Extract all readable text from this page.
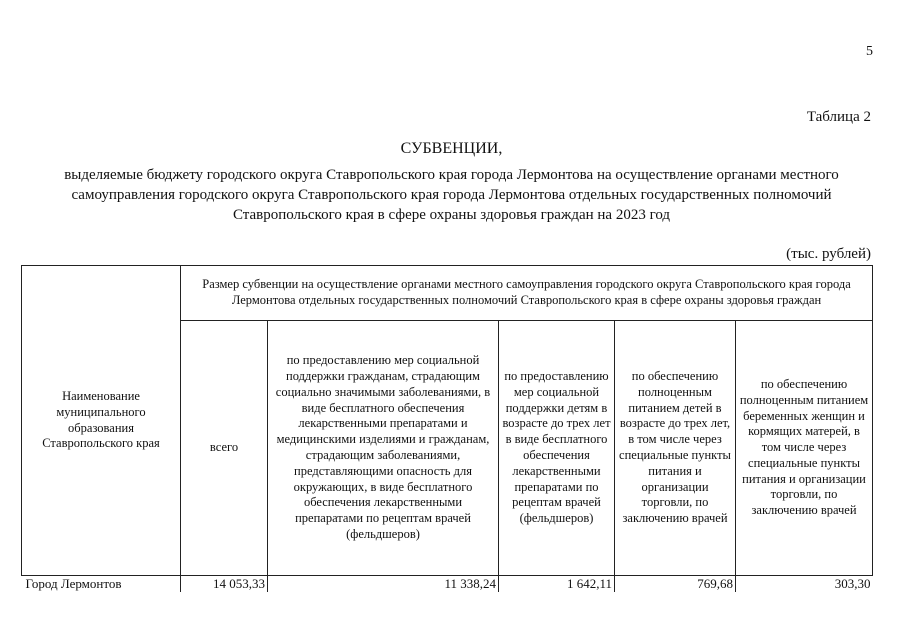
5
Таблица 2
СУБВЕНЦИИ,
выделяемые бюджету городского округа Ставропольского края города Лермонтова на осуществление органами местного самоуправления городского округа Ставропольского края города Лермонтова отдельных государственных полномочий Ставропольского края в сфере охраны здоровья граждан на 2023 год
(тыс. рублей)
Наименование муниципального образования Ставропольского края	Размер субвенции на осуществление органами местного самоуправления городского округа Ставропольского края города Лермонтова отдельных государственных полномочий Ставропольского края в сфере охраны здоровья граждан				
	всего	по предоставлению мер социальной поддержки гражданам, страдающим социально значимыми заболеваниями, в виде бесплатного обеспечения лекарственными препаратами и медицинскими изделиями и гражданам, страдающим заболеваниями, представляющими опасность для окружающих, в виде бесплатного обеспечения лекарственными препаратами по рецептам врачей (фельдшеров)	по предоставлению мер социальной поддержки детям в возрасте до трех лет в виде бесплатного обеспечения лекарственными препаратами по рецептам врачей (фельдшеров)	по обеспечению полноценным питанием детей в возрасте до трех лет, в том числе через специальные пункты питания и организации торговли, по заключению врачей	по обеспечению полноценным питанием беременных женщин и кормящих матерей, в том числе через специальные пункты питания и организации торговли, по заключению врачей
Город Лермонтов	14 053,33	11 338,24	1 642,11	769,68	303,30
